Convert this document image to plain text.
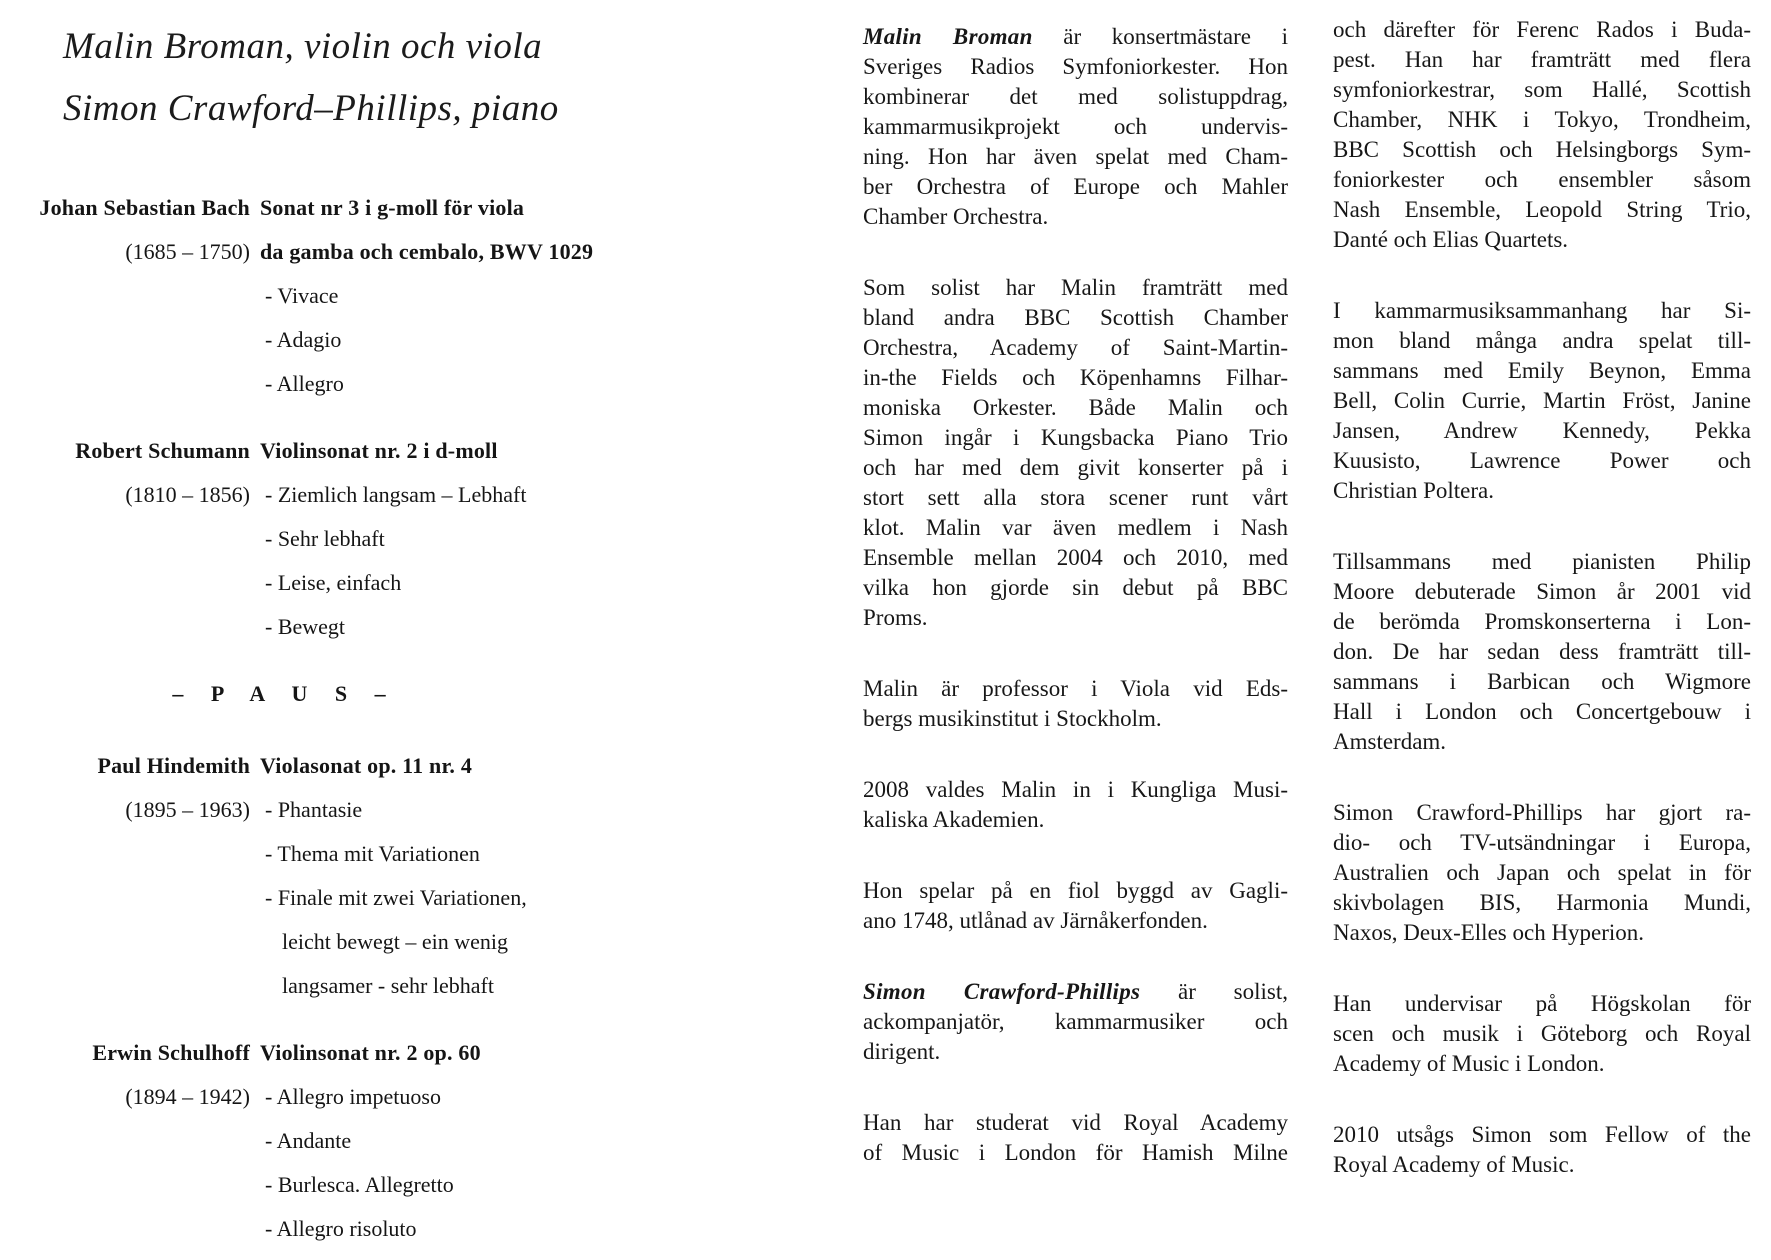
Malin Broman, violin och viola
Simon Crawford–Phillips, piano
Johan Sebastian Bach
(1685 – 1750)
Sonat nr 3 i g-moll för viola
da gamba och cembalo, BWV 1029
- Vivace
- Adagio
- Allegro
Robert Schumann
(1810 – 1856)
Violinsonat nr. 2 i d-moll
- Ziemlich langsam – Lebhaft
- Sehr lebhaft
- Leise, einfach
- Bewegt
– P A U S –
Paul Hindemith
(1895 – 1963)
Violasonat op. 11 nr. 4
- Phantasie
- Thema mit Variationen
- Finale mit zwei Variationen,
leicht bewegt – ein wenig
langsamer - sehr lebhaft
Erwin Schulhoff
(1894 – 1942)
Violinsonat nr. 2 op. 60
- Allegro impetuoso
- Andante
- Burlesca. Allegretto
- Allegro risoluto
Malin Broman är konsertmästare i
Sveriges Radios Symfoniorkester. Hon
kombinerar det med solistuppdrag,
kammarmusikprojekt och undervis-
ning. Hon har även spelat med Cham-
ber Orchestra of Europe och Mahler
Chamber Orchestra.
Som solist har Malin framträtt med
bland andra BBC Scottish Chamber
Orchestra, Academy of Saint-Martin-
in-the Fields och Köpenhamns Filhar-
moniska Orkester. Både Malin och
Simon ingår i Kungsbacka Piano Trio
och har med dem givit konserter på i
stort sett alla stora scener runt vårt
klot. Malin var även medlem i Nash
Ensemble mellan 2004 och 2010, med
vilka hon gjorde sin debut på BBC
Proms.
Malin är professor i Viola vid Eds-
bergs musikinstitut i Stockholm.
2008 valdes Malin in i Kungliga Musi-
kaliska Akademien.
Hon spelar på en fiol byggd av Gagli-
ano 1748, utlånad av Järnåkerfonden.
Simon Crawford-Phillips är solist,
ackompanjatör, kammarmusiker och
dirigent.
Han har studerat vid Royal Academy
of Music i London för Hamish Milne
och därefter för Ferenc Rados i Buda-
pest. Han har framträtt med flera
symfoniorkestrar, som Hallé, Scottish
Chamber, NHK i Tokyo, Trondheim,
BBC Scottish och Helsingborgs Sym-
foniorkester och ensembler såsom
Nash Ensemble, Leopold String Trio,
Danté och Elias Quartets.
I kammarmusiksammanhang har Si-
mon bland många andra spelat till-
sammans med Emily Beynon, Emma
Bell, Colin Currie, Martin Fröst, Janine
Jansen, Andrew Kennedy, Pekka
Kuusisto, Lawrence Power och
Christian Poltera.
Tillsammans med pianisten Philip
Moore debuterade Simon år 2001 vid
de berömda Promskonserterna i Lon-
don. De har sedan dess framträtt till-
sammans i Barbican och Wigmore
Hall i London och Concertgebouw i
Amsterdam.
Simon Crawford-Phillips har gjort ra-
dio- och TV-utsändningar i Europa,
Australien och Japan och spelat in för
skivbolagen BIS, Harmonia Mundi,
Naxos, Deux-Elles och Hyperion.
Han undervisar på Högskolan för
scen och musik i Göteborg och Royal
Academy of Music i London.
2010 utsågs Simon som Fellow of the
Royal Academy of Music.
